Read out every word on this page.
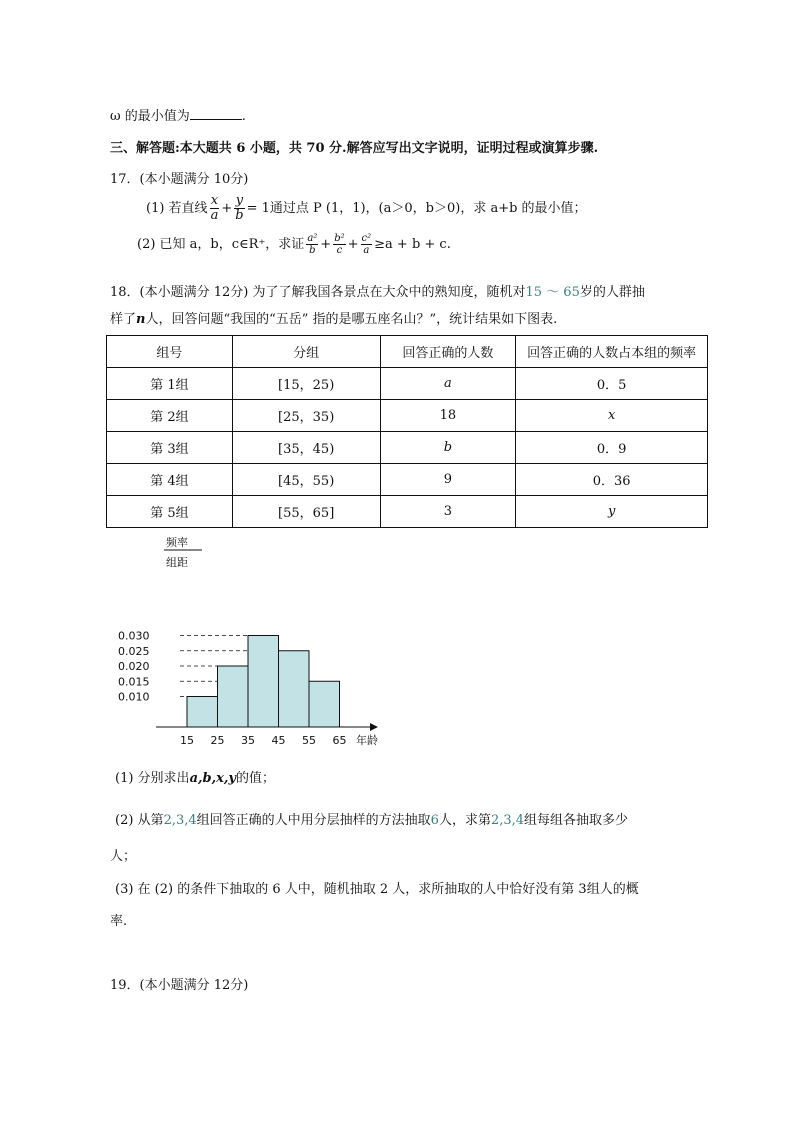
ω 的最小值为	.
三、解答题:本大题共 6 小题，共 70 分.解答应写出文字说明，证明过程或演算步骤.
17．(本小题满分 10分)
(1) 若直线 $\frac{x}{a} + \frac{y}{b} = 1$通过点 P (1，1)，(a＞0，b＞0)，求 a+b 的最小值；
(2) 已知 a，b，c∈R⁺，求证 $\frac{\text{a²}}{b} + \frac{\text{b²}}{c} + \frac{\text{c²}}{a} \ge a + b + c$.
18．(本小题满分 12分) 为了了解我国各景点在大众中的熟知度，随机对15 ～ 65岁的人群抽
样了n人，回答问题“我国的“五岳” 指的是哪五座名山？”，统计结果如下图表.
组号	分组	回答正确的人数	回答正确的人数占本组的频率
第 1组	[15，25)	a	0．5
第 2组	[25，35)	18	x
第 3组	[35，45)	b	0．9
第 4组	[45，55)	9	0．36
第 5组	[55，65]	3	y
频率
组距
0.010
0.015
0.020
0.025
0.030
15 25 35 45 55 65 年龄
(1) 分别求出a,b,x,y的值；
(2) 从第2,3,4组回答正确的人中用分层抽样的方法抽取6人，求第2,3,4组每组各抽取多少
人；
(3) 在 (2) 的条件下抽取的 6 人中，随机抽取 2 人，求所抽取的人中恰好没有第 3组人的概
率.
19．(本小题满分 12分)
